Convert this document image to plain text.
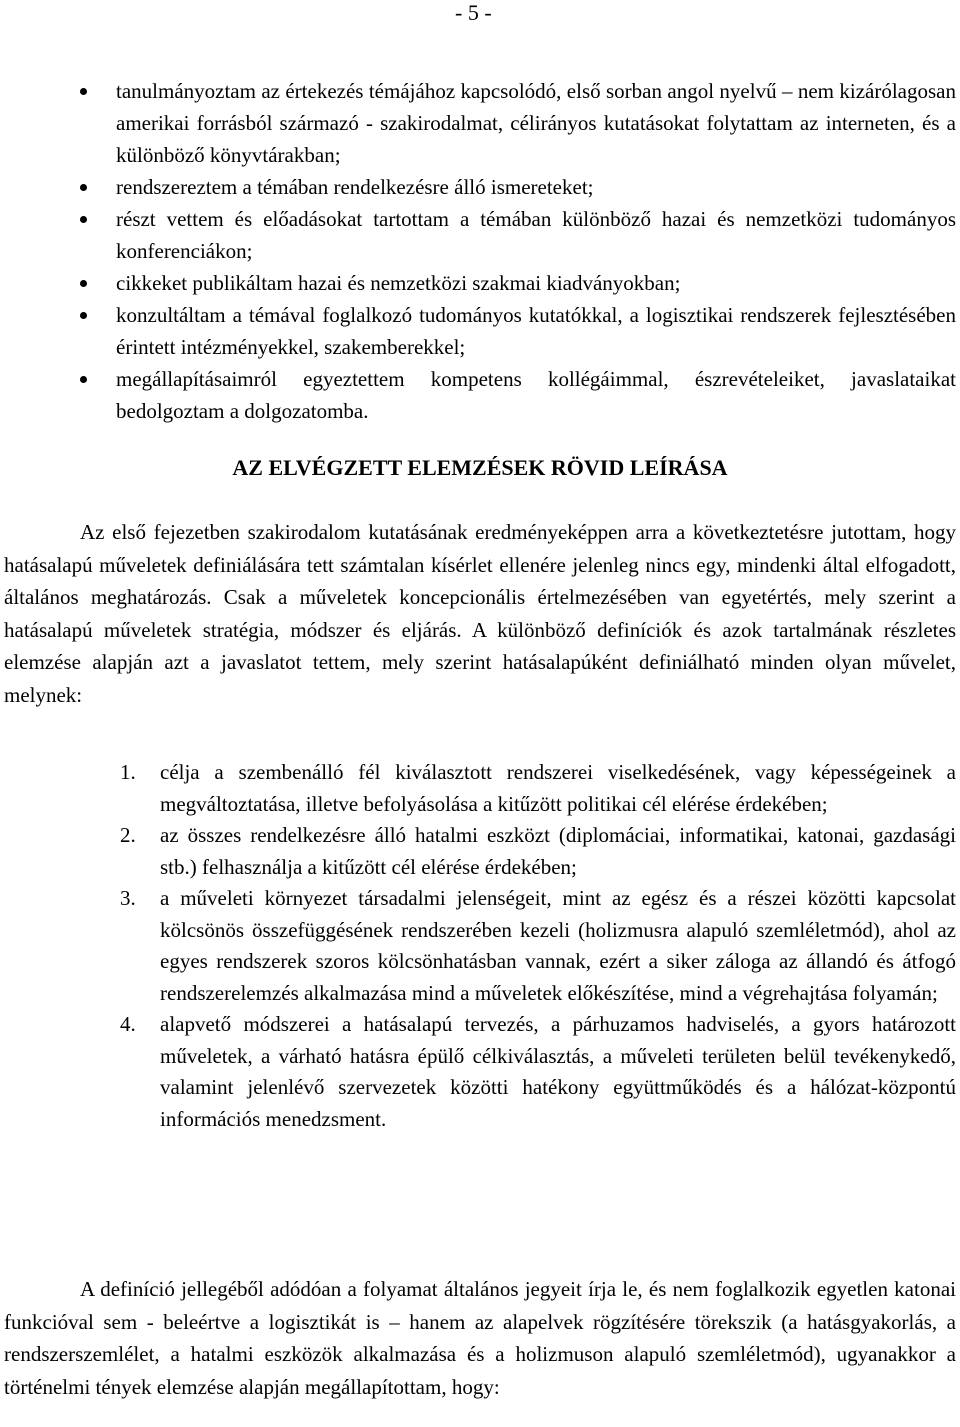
- 5 -
tanulmányoztam az értekezés témájához kapcsolódó, első sorban angol nyelvű – nem kizárólagosan amerikai forrásból származó - szakirodalmat, célirányos kutatásokat folytattam az interneten, és a különböző könyvtárakban;
rendszereztem a témában rendelkezésre álló ismereteket;
részt vettem és előadásokat tartottam a témában különböző hazai és nemzetközi tudományos konferenciákon;
cikkeket publikáltam hazai és nemzetközi szakmai kiadványokban;
konzultáltam a témával foglalkozó tudományos kutatókkal, a logisztikai rendszerek fejlesztésében érintett intézményekkel, szakemberekkel;
megállapításaimról egyeztettem kompetens kollégáimmal, észrevételeiket, javaslataikat bedolgoztam a dolgozatomba.
AZ ELVÉGZETT ELEMZÉSEK RÖVID LEÍRÁSA

Az első fejezetben szakirodalom kutatásának eredményeképpen arra a következtetésre jutottam, hogy hatásalapú műveletek definiálására tett számtalan kísérlet ellenére jelenleg nincs egy, mindenki által elfogadott, általános meghatározás. Csak a műveletek koncepcionális értelmezésében van egyetértés, mely szerint a hatásalapú műveletek stratégia, módszer és eljárás. A különböző definíciók és azok tartalmának részletes elemzése alapján azt a javaslatot tettem, mely szerint hatásalapúként definiálható minden olyan művelet, melynek:

1. célja a szembenálló fél kiválasztott rendszerei viselkedésének, vagy képességeinek a megváltoztatása, illetve befolyásolása a kitűzött politikai cél elérése érdekében;
2. az összes rendelkezésre álló hatalmi eszközt (diplomáciai, informatikai, katonai, gazdasági stb.) felhasználja a kitűzött cél elérése érdekében;
3. a műveleti környezet társadalmi jelenségeit, mint az egész és a részei közötti kapcsolat kölcsönös összefüggésének rendszerében kezeli (holizmusra alapuló szemléletmód), ahol az egyes rendszerek szoros kölcsönhatásban vannak, ezért a siker záloga az állandó és átfogó rendszerelemzés alkalmazása mind a műveletek előkészítése, mind a végrehajtása folyamán;
4. alapvető módszerei a hatásalapú tervezés, a párhuzamos hadviselés, a gyors határozott műveletek, a várható hatásra épülő célkiválasztás, a műveleti területen belül tevékenykedő, valamint jelenlévő szervezetek közötti hatékony együttműködés és a hálózat-központú információs menedzsment.

A definíció jellegéből adódóan a folyamat általános jegyeit írja le, és nem foglalkozik egyetlen katonai funkcióval sem - beleértve a logisztikát is – hanem az alapelvek rögzítésére törekszik (a hatásgyakorlás, a rendszerszemlélet, a hatalmi eszközök alkalmazása és a holizmuson alapuló szemléletmód), ugyanakkor a történelmi tények elemzése alapján megállapítottam, hogy:
